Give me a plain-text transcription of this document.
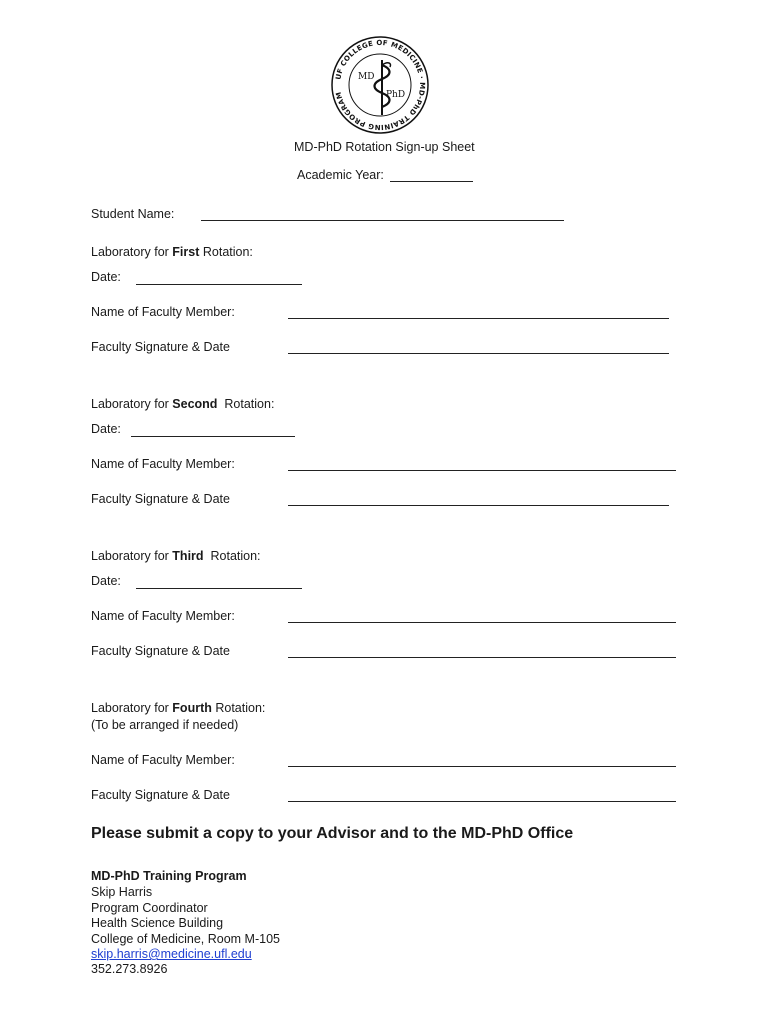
UF COLLEGE OF MEDICINE · MD-PhD TRAINING PROGRAM
MD
PhD
MD-PhD Rotation Sign-up Sheet
Academic Year:
Student Name:
Laboratory for First Rotation:
Date:
Name of Faculty Member:
Faculty Signature & Date
Laboratory for Second  Rotation:
Date:
Name of Faculty Member:
Faculty Signature & Date
Laboratory for Third  Rotation:
Date:
Name of Faculty Member:
Faculty Signature & Date
Laboratory for Fourth Rotation:
(To be arranged if needed)
Name of Faculty Member:
Faculty Signature & Date
Please submit a copy to your Advisor and to the MD-PhD Office
MD-PhD Training Program
Skip Harris
Program Coordinator
Health Science Building
College of Medicine, Room M-105
skip.harris@medicine.ufl.edu
352.273.8926
